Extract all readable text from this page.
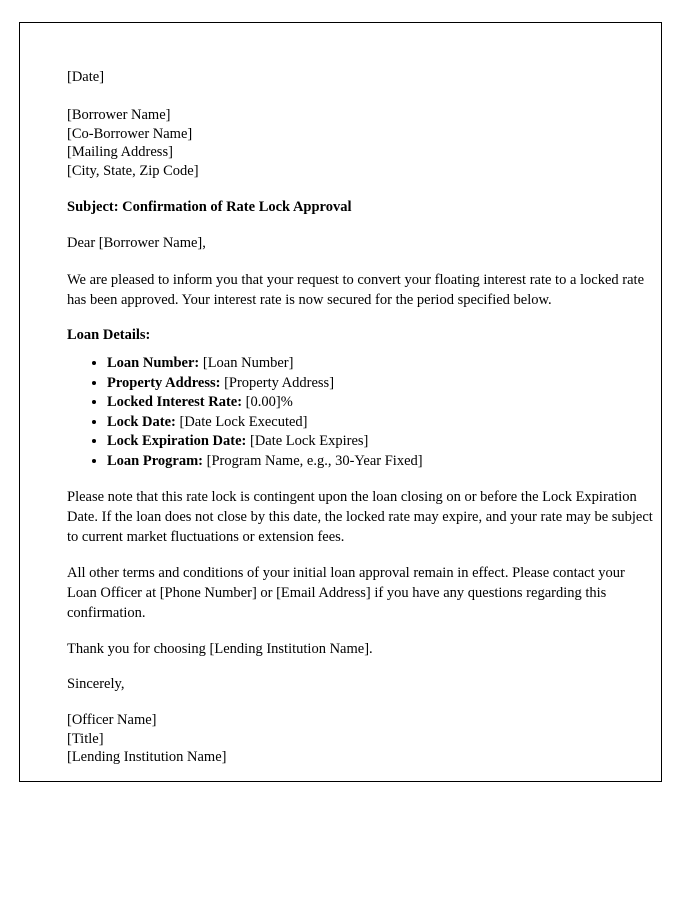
[Date]
[Borrower Name]
[Co-Borrower Name]
[Mailing Address]
[City, State, Zip Code]
Subject: Confirmation of Rate Lock Approval
Dear [Borrower Name],
We are pleased to inform you that your request to convert your floating interest rate to a locked rate has been approved. Your interest rate is now secured for the period specified below.
Loan Details:
• Loan Number: [Loan Number]
• Property Address: [Property Address]
• Locked Interest Rate: [0.00]%
• Lock Date: [Date Lock Executed]
• Lock Expiration Date: [Date Lock Expires]
• Loan Program: [Program Name, e.g., 30-Year Fixed]
Please note that this rate lock is contingent upon the loan closing on or before the Lock Expiration Date. If the loan does not close by this date, the locked rate may expire, and your rate may be subject to current market fluctuations or extension fees.
All other terms and conditions of your initial loan approval remain in effect. Please contact your Loan Officer at [Phone Number] or [Email Address] if you have any questions regarding this confirmation.
Thank you for choosing [Lending Institution Name].
Sincerely,
[Officer Name]
[Title]
[Lending Institution Name]
